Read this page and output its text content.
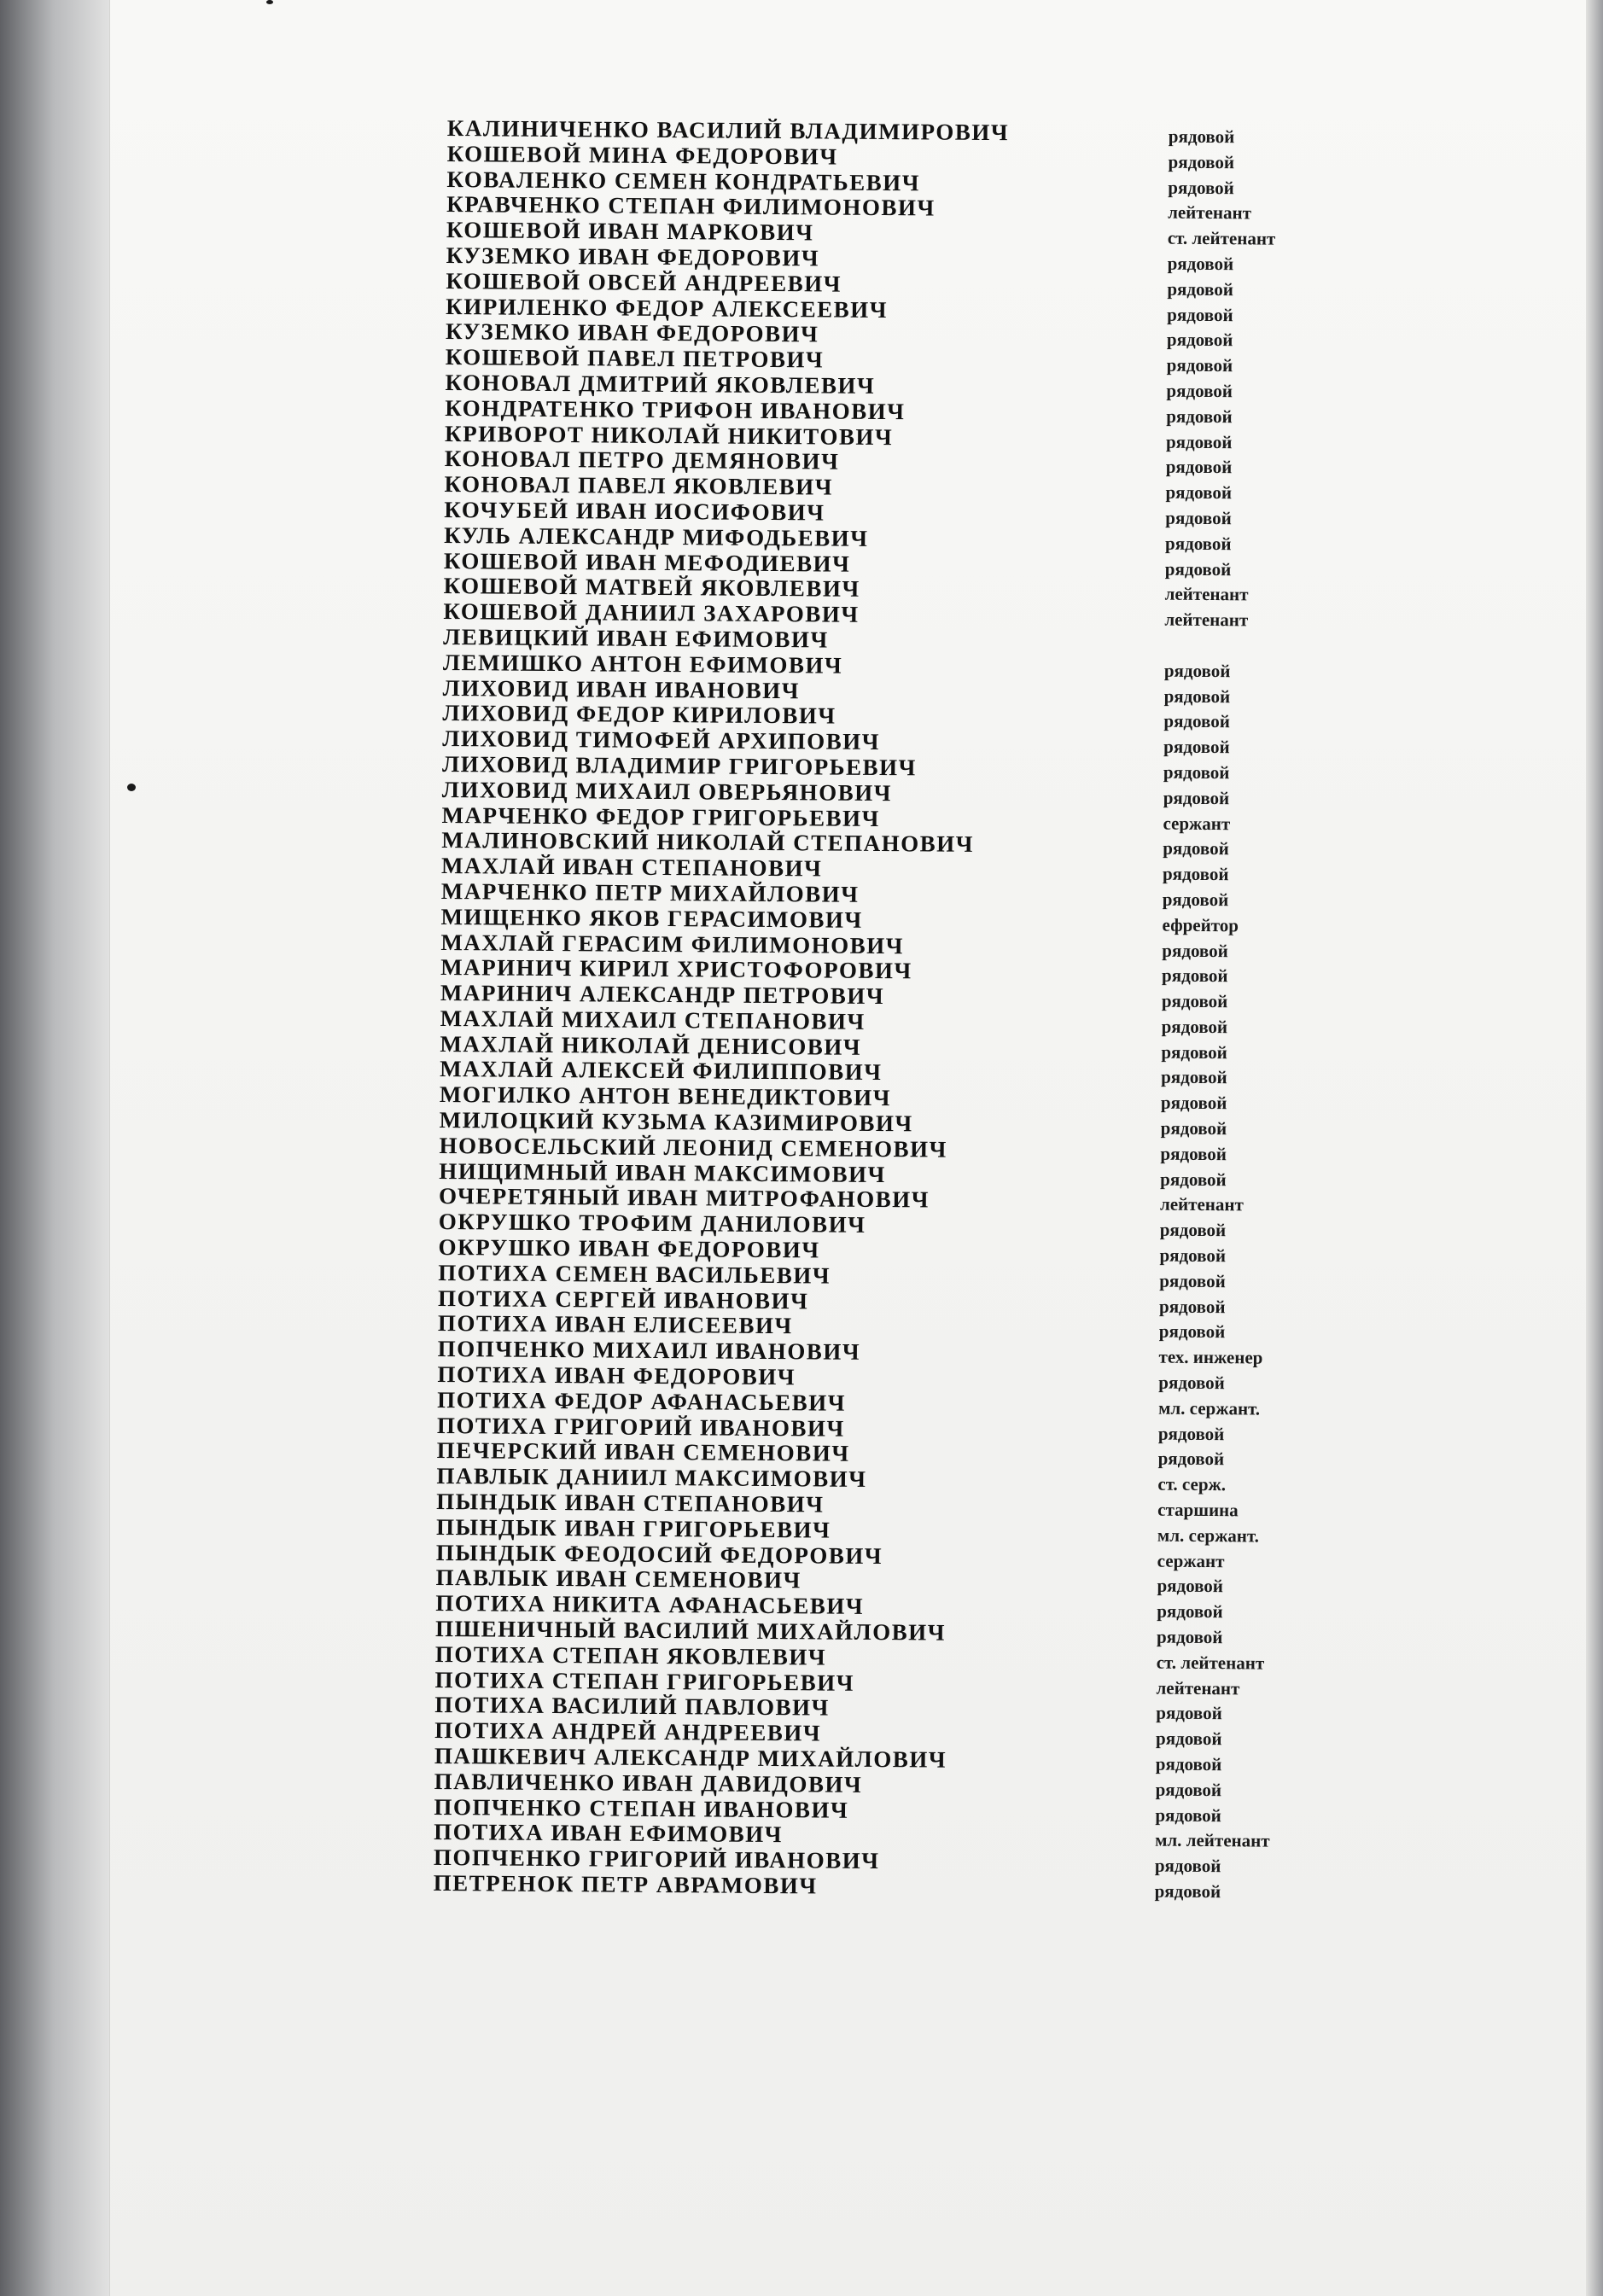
КАЛИНИЧЕНКО ВАСИЛИЙ ВЛАДИМИРОВИЧ	рядовой
КОШЕВОЙ МИНА ФЕДОРОВИЧ	рядовой
КОВАЛЕНКО СЕМЕН КОНДРАТЬЕВИЧ	рядовой
КРАВЧЕНКО СТЕПАН ФИЛИМОНОВИЧ	лейтенант
КОШЕВОЙ ИВАН МАРКОВИЧ	ст. лейтенант
КУЗЕМКО ИВАН ФЕДОРОВИЧ	рядовой
КОШЕВОЙ ОВСЕЙ АНДРЕЕВИЧ	рядовой
КИРИЛЕНКО ФЕДОР АЛЕКСЕЕВИЧ	рядовой
КУЗЕМКО ИВАН ФЕДОРОВИЧ	рядовой
КОШЕВОЙ ПАВЕЛ ПЕТРОВИЧ	рядовой
КОНОВАЛ ДМИТРИЙ ЯКОВЛЕВИЧ	рядовой
КОНДРАТЕНКО ТРИФОН ИВАНОВИЧ	рядовой
КРИВОРОТ НИКОЛАЙ НИКИТОВИЧ	рядовой
КОНОВАЛ ПЕТРО ДЕМЯНОВИЧ	рядовой
КОНОВАЛ ПАВЕЛ ЯКОВЛЕВИЧ	рядовой
КОЧУБЕЙ ИВАН ИОСИФОВИЧ	рядовой
КУЛЬ АЛЕКСАНДР МИФОДЬЕВИЧ	рядовой
КОШЕВОЙ ИВАН МЕФОДИЕВИЧ	рядовой
КОШЕВОЙ МАТВЕЙ ЯКОВЛЕВИЧ	лейтенант
КОШЕВОЙ ДАНИИЛ ЗАХАРОВИЧ	лейтенант
ЛЕВИЦКИЙ ИВАН ЕФИМОВИЧ
ЛЕМИШКО АНТОН ЕФИМОВИЧ	рядовой
ЛИХОВИД ИВАН ИВАНОВИЧ	рядовой
ЛИХОВИД ФЕДОР КИРИЛОВИЧ	рядовой
ЛИХОВИД ТИМОФЕЙ АРХИПОВИЧ	рядовой
ЛИХОВИД ВЛАДИМИР ГРИГОРЬЕВИЧ	рядовой
ЛИХОВИД МИХАИЛ ОВЕРЬЯНОВИЧ	рядовой
МАРЧЕНКО ФЕДОР ГРИГОРЬЕВИЧ	сержант
МАЛИНОВСКИЙ НИКОЛАЙ СТЕПАНОВИЧ	рядовой
МАХЛАЙ ИВАН СТЕПАНОВИЧ	рядовой
МАРЧЕНКО ПЕТР МИХАЙЛОВИЧ	рядовой
МИЩЕНКО ЯКОВ ГЕРАСИМОВИЧ	ефрейтор
МАХЛАЙ ГЕРАСИМ ФИЛИМОНОВИЧ	рядовой
МАРИНИЧ КИРИЛ ХРИСТОФОРОВИЧ	рядовой
МАРИНИЧ АЛЕКСАНДР ПЕТРОВИЧ	рядовой
МАХЛАЙ МИХАИЛ СТЕПАНОВИЧ	рядовой
МАХЛАЙ НИКОЛАЙ ДЕНИСОВИЧ	рядовой
МАХЛАЙ АЛЕКСЕЙ ФИЛИППОВИЧ	рядовой
МОГИЛКО АНТОН ВЕНЕДИКТОВИЧ	рядовой
МИЛОЦКИЙ КУЗЬМА КАЗИМИРОВИЧ	рядовой
НОВОСЕЛЬСКИЙ ЛЕОНИД СЕМЕНОВИЧ	рядовой
НИЩИМНЫЙ ИВАН МАКСИМОВИЧ	рядовой
ОЧЕРЕТЯНЫЙ ИВАН МИТРОФАНОВИЧ	лейтенант
ОКРУШКО ТРОФИМ ДАНИЛОВИЧ	рядовой
ОКРУШКО ИВАН ФЕДОРОВИЧ	рядовой
ПОТИХА СЕМЕН ВАСИЛЬЕВИЧ	рядовой
ПОТИХА СЕРГЕЙ ИВАНОВИЧ	рядовой
ПОТИХА ИВАН ЕЛИСЕЕВИЧ	рядовой
ПОПЧЕНКО МИХАИЛ ИВАНОВИЧ	тех. инженер
ПОТИХА ИВАН ФЕДОРОВИЧ	рядовой
ПОТИХА ФЕДОР АФАНАСЬЕВИЧ	мл. сержант.
ПОТИХА ГРИГОРИЙ ИВАНОВИЧ	рядовой
ПЕЧЕРСКИЙ ИВАН СЕМЕНОВИЧ	рядовой
ПАВЛЫК ДАНИИЛ МАКСИМОВИЧ	ст. серж.
ПЫНДЫК ИВАН СТЕПАНОВИЧ	старшина
ПЫНДЫК ИВАН ГРИГОРЬЕВИЧ	мл. сержант.
ПЫНДЫК ФЕОДОСИЙ ФЕДОРОВИЧ	сержант
ПАВЛЫК ИВАН СЕМЕНОВИЧ	рядовой
ПОТИХА НИКИТА АФАНАСЬЕВИЧ	рядовой
ПШЕНИЧНЫЙ ВАСИЛИЙ МИХАЙЛОВИЧ	рядовой
ПОТИХА СТЕПАН ЯКОВЛЕВИЧ	ст. лейтенант
ПОТИХА СТЕПАН ГРИГОРЬЕВИЧ	лейтенант
ПОТИХА ВАСИЛИЙ ПАВЛОВИЧ	рядовой
ПОТИХА АНДРЕЙ АНДРЕЕВИЧ	рядовой
ПАШКЕВИЧ АЛЕКСАНДР МИХАЙЛОВИЧ	рядовой
ПАВЛИЧЕНКО ИВАН ДАВИДОВИЧ	рядовой
ПОПЧЕНКО СТЕПАН ИВАНОВИЧ	рядовой
ПОТИХА ИВАН ЕФИМОВИЧ	мл. лейтенант
ПОПЧЕНКО ГРИГОРИЙ ИВАНОВИЧ	рядовой
ПЕТРЕНОК ПЕТР АВРАМОВИЧ	рядовой
